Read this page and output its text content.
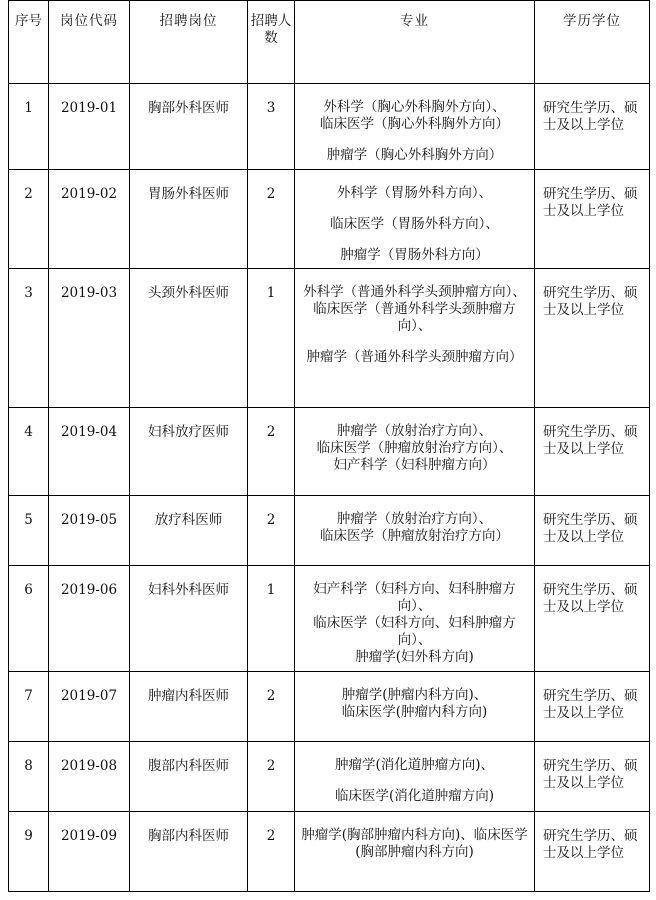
序号	岗位代码	招聘岗位	招聘人数	专业	学历学位
1	2019-01	胸部外科医师	3	外科学（胸心外科胸外方向）、
临床医学（胸心外科胸外方向）
肿瘤学（胸心外科胸外方向）	研究生学历、硕士及以上学位
2	2019-02	胃肠外科医师	2	外科学（胃肠外科方向）、
临床医学（胃肠外科方向）、
肿瘤学（胃肠外科方向）	研究生学历、硕士及以上学位
3	2019-03	头颈外科医师	1	外科学（普通外科学头颈肿瘤方向）、
临床医学（普通外科学头颈肿瘤方向）、
肿瘤学（普通外科学头颈肿瘤方向）	研究生学历、硕士及以上学位
4	2019-04	妇科放疗医师	2	肿瘤学（放射治疗方向）、
临床医学（肿瘤放射治疗方向）、
妇产科学（妇科肿瘤方向）	研究生学历、硕士及以上学位
5	2019-05	放疗科医师	2	肿瘤学（放射治疗方向）、
临床医学（肿瘤放射治疗方向）	研究生学历、硕士及以上学位
6	2019-06	妇科外科医师	1	妇产科学（妇科方向、妇科肿瘤方向）、
临床医学（妇科方向、妇科肿瘤方向）、
肿瘤学(妇外科方向)	研究生学历、硕士及以上学位
7	2019-07	肿瘤内科医师	2	肿瘤学(肿瘤内科方向)、
临床医学(肿瘤内科方向)	研究生学历、硕士及以上学位
8	2019-08	腹部内科医师	2	肿瘤学(消化道肿瘤方向)、
临床医学(消化道肿瘤方向)	研究生学历、硕士及以上学位
9	2019-09	胸部内科医师	2	肿瘤学(胸部肿瘤内科方向)、临床医学(胸部肿瘤内科方向)	研究生学历、硕士及以上学位
